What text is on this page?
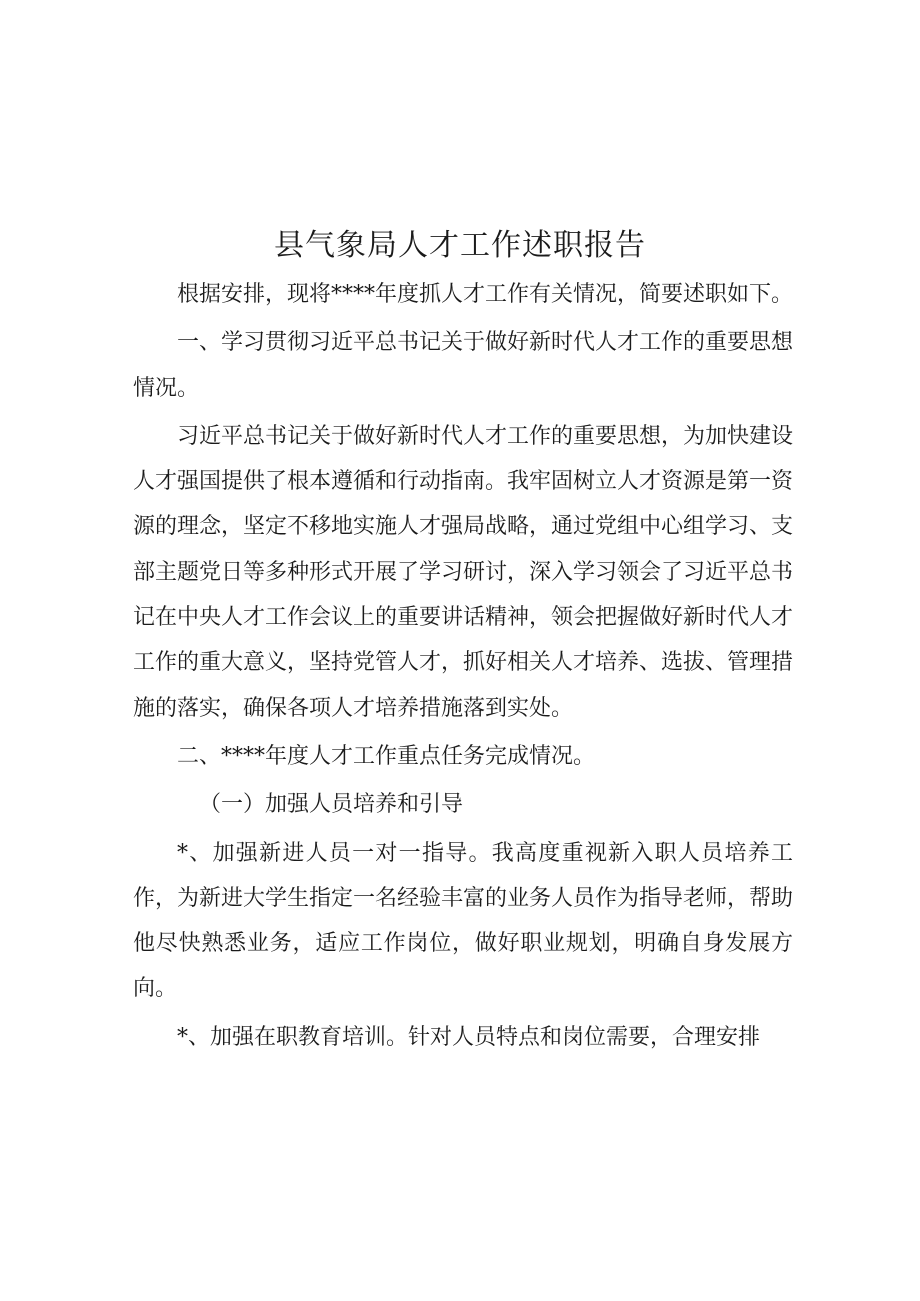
县气象局人才工作述职报告

根据安排，现将****年度抓人才工作有关情况，简要述职如下。

一、学习贯彻习近平总书记关于做好新时代人才工作的重要思想情况。

习近平总书记关于做好新时代人才工作的重要思想，为加快建设人才强国提供了根本遵循和行动指南。我牢固树立人才资源是第一资源的理念，坚定不移地实施人才强局战略，通过党组中心组学习、支部主题党日等多种形式开展了学习研讨，深入学习领会了习近平总书记在中央人才工作会议上的重要讲话精神，领会把握做好新时代人才工作的重大意义，坚持党管人才，抓好相关人才培养、选拔、管理措施的落实，确保各项人才培养措施落到实处。

二、****年度人才工作重点任务完成情况。

（一）加强人员培养和引导

*、加强新进人员一对一指导。我高度重视新入职人员培养工作，为新进大学生指定一名经验丰富的业务人员作为指导老师，帮助他尽快熟悉业务，适应工作岗位，做好职业规划，明确自身发展方向。

*、加强在职教育培训。针对人员特点和岗位需要，合理安排
